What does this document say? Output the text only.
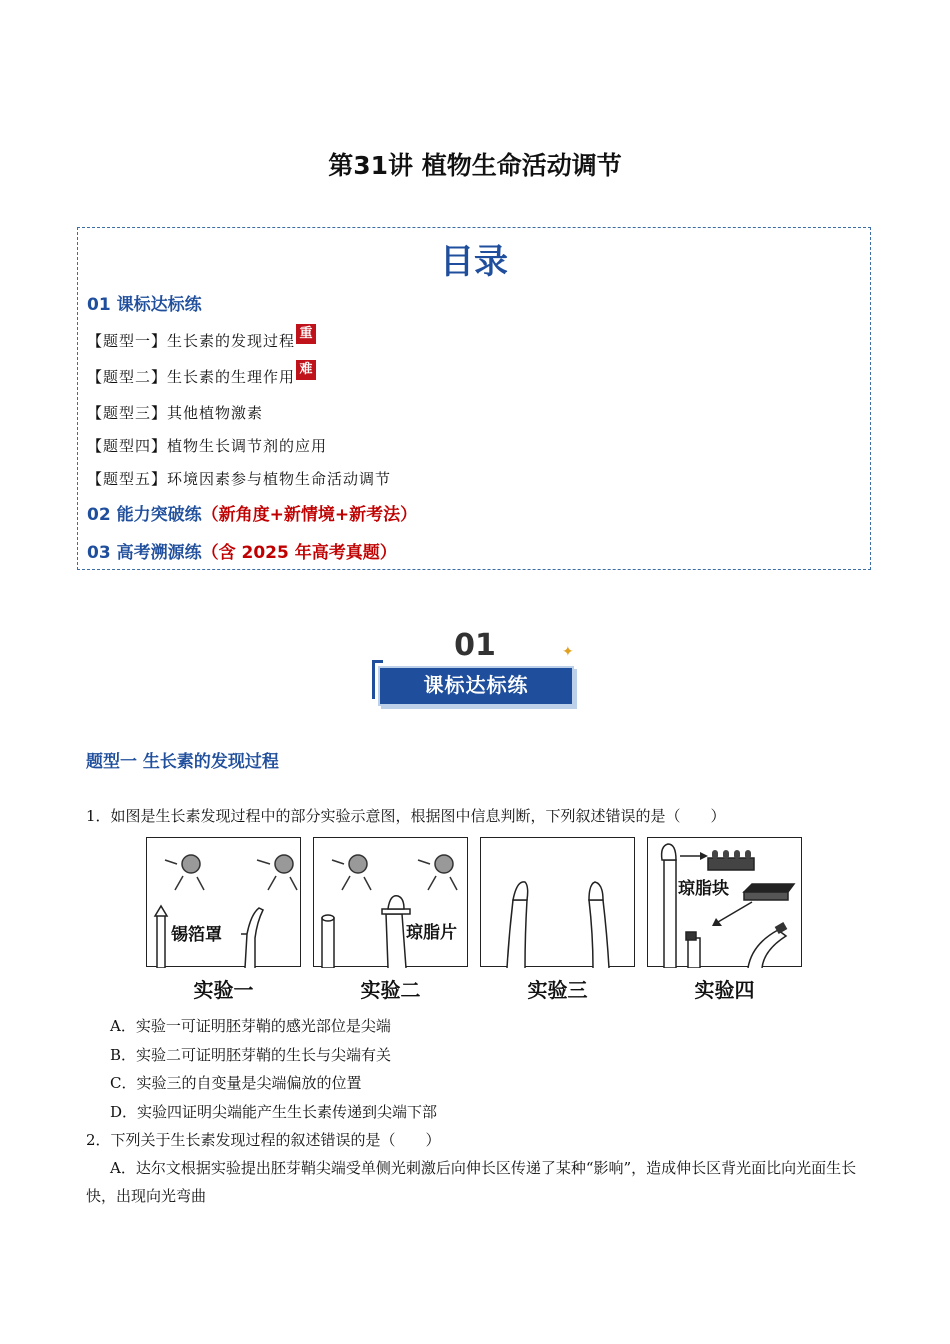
第31讲 植物生命活动调节
目录
01 课标达标练
【题型一】生长素的发现过程 重
【题型二】生长素的生理作用 难
【题型三】其他植物激素
【题型四】植物生长调节剂的应用
【题型五】环境因素参与植物生命活动调节
02 能力突破练（新角度+新情境+新考法）
03 高考溯源练（含 2025 年高考真题）
01
课标达标练
✦
题型一 生长素的发现过程
1．如图是生长素发现过程中的部分实验示意图，根据图中信息判断，下列叙述错误的是（　　）
锡箔罩	琼脂片
琼脂块
实验一	实验二	实验三	实验四
A．实验一可证明胚芽鞘的感光部位是尖端
B．实验二可证明胚芽鞘的生长与尖端有关
C．实验三的自变量是尖端偏放的位置
D．实验四证明尖端能产生生长素传递到尖端下部
2．下列关于生长素发现过程的叙述错误的是（　　）
A．达尔文根据实验提出胚芽鞘尖端受单侧光刺激后向伸长区传递了某种“影响”，造成伸长区背光面比向光面生长快，出现向光弯曲
